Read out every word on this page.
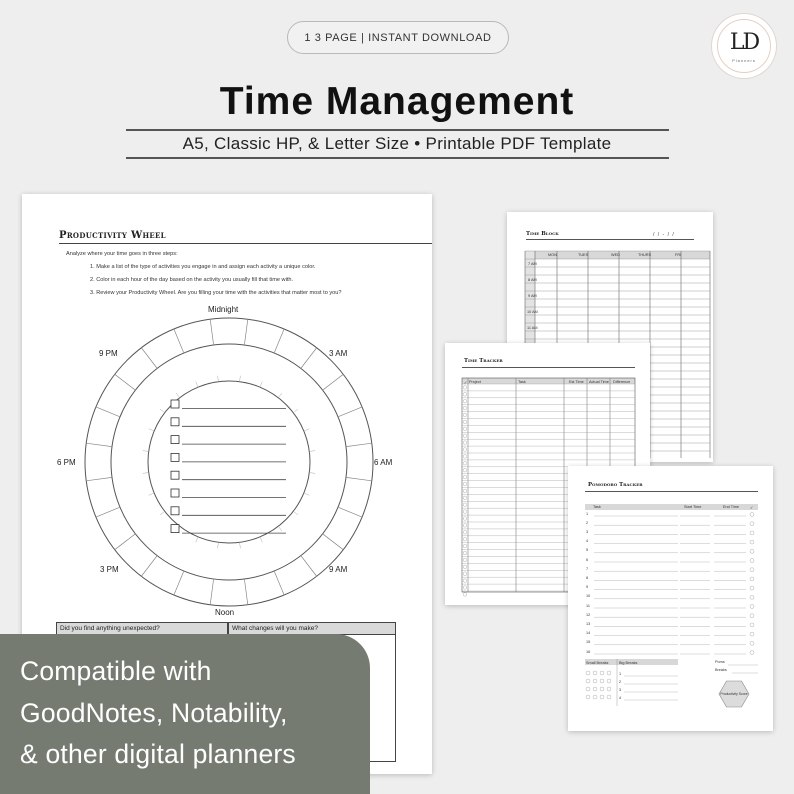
1 3 PAGE | INSTANT DOWNLOAD	LD
Planners
Time Management
A5, Classic HP, & Letter Size • Printable PDF Template
Productivity Wheel
Analyze where your time goes in three steps:
1. Make a list of the type of activities you engage in and assign each activity a unique color.
2. Color in each hour of the day based on the activity you usually fill that time with.
3. Review your Productivity Wheel. Are you filling your time with the activities that matter most to you?
Midnight
3 AM
6 AM
9 AM
Noon
3 PM
6 PM
9 PM
Did you find anything unexpected?	What changes will you make?
Time Block	/ / - / /
MON	TUES	WED	THURS	FRI
7 AM
8 AM
9 AM
10 AM
11 AM
Time Tracker
✓ Project	Task	Est Time Actual Time Difference
Pomodoro Tracker
Task	Start Time	End Time	✓
1
2
3
4
5
6
7
8
9
10
11
12
13
14
15
16
Small Breaks	Big Breaks
1
2
3
4
Poms
Breaks
Productivity Score
Compatible with
GoodNotes, Notability,
& other digital planners
